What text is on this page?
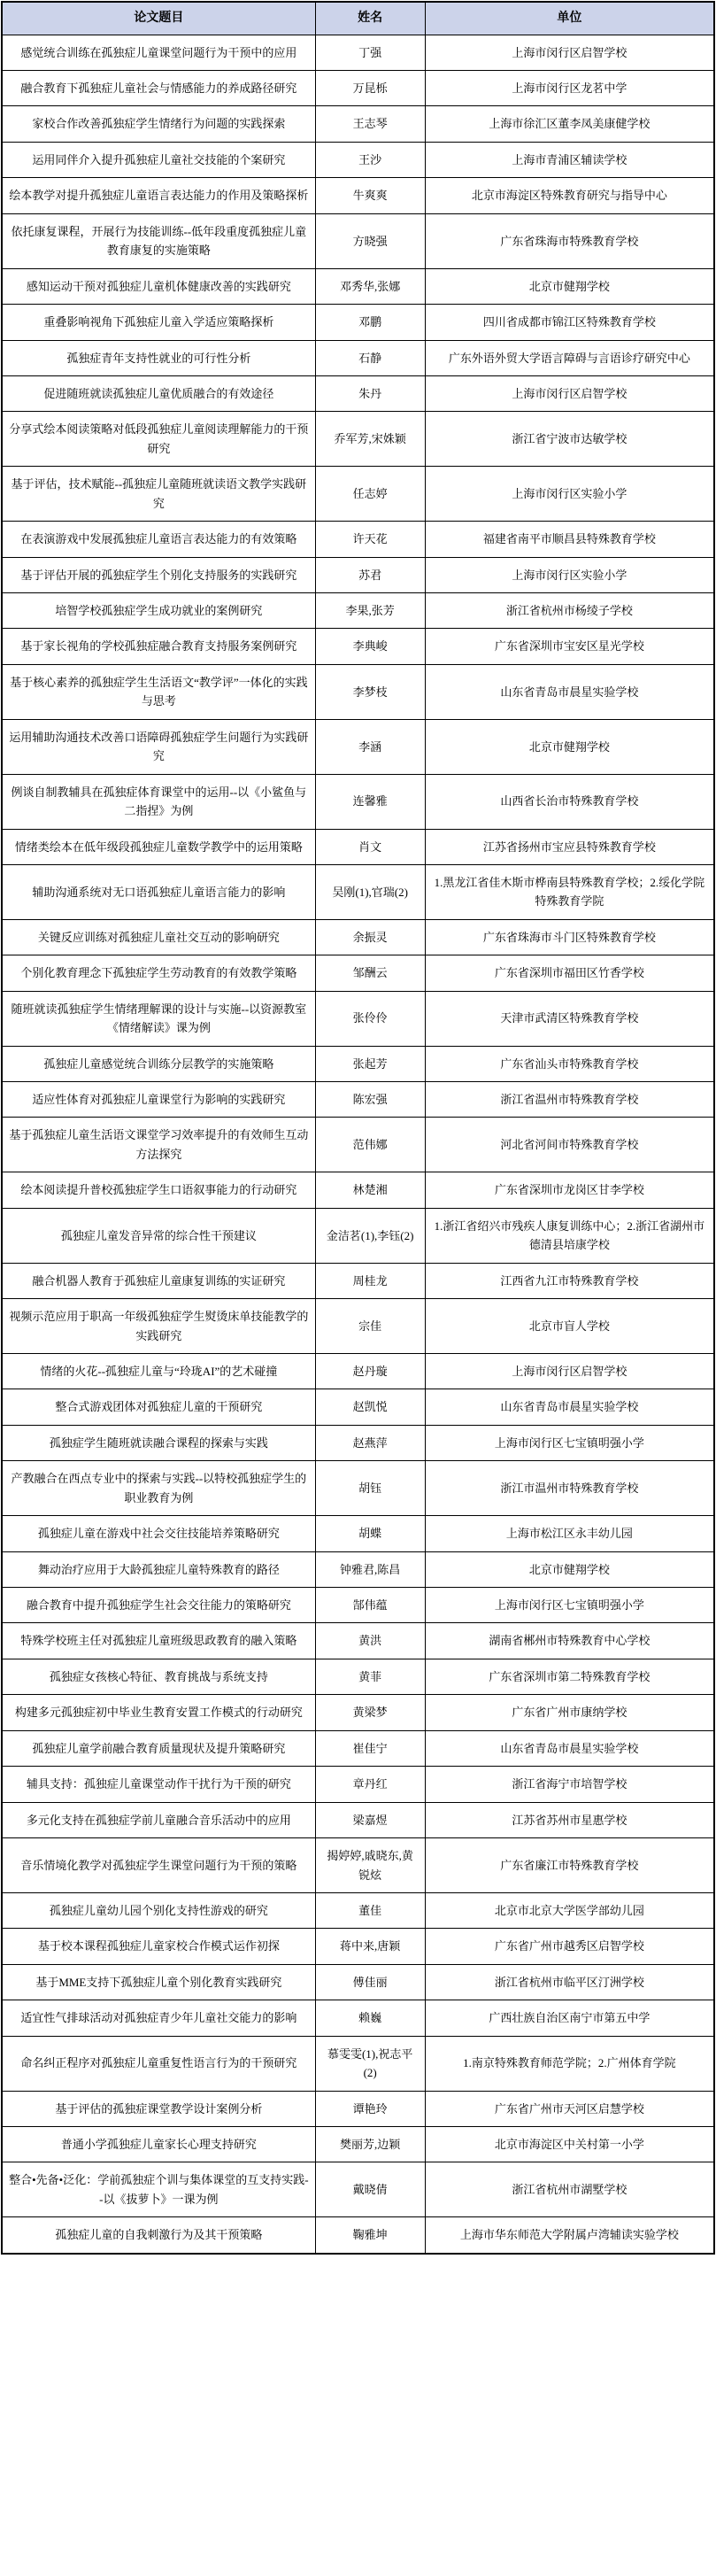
论文题目	姓名	单位
感觉统合训练在孤独症儿童课堂问题行为干预中的应用	丁强	上海市闵行区启智学校
融合教育下孤独症儿童社会与情感能力的养成路径研究	万昆栎	上海市闵行区龙茗中学
家校合作改善孤独症学生情绪行为问题的实践探索	王志琴	上海市徐汇区董李凤美康健学校
运用同伴介入提升孤独症儿童社交技能的个案研究	王沙	上海市青浦区辅读学校
绘本教学对提升孤独症儿童语言表达能力的作用及策略探析	牛爽爽	北京市海淀区特殊教育研究与指导中心
依托康复课程，开展行为技能训练--低年段重度孤独症儿童教育康复的实施策略	方晓强	广东省珠海市特殊教育学校
感知运动干预对孤独症儿童机体健康改善的实践研究	邓秀华,张娜	北京市健翔学校
重叠影响视角下孤独症儿童入学适应策略探析	邓鹏	四川省成都市锦江区特殊教育学校
孤独症青年支持性就业的可行性分析	石静	广东外语外贸大学语言障碍与言语诊疗研究中心
促进随班就读孤独症儿童优质融合的有效途径	朱丹	上海市闵行区启智学校
分享式绘本阅读策略对低段孤独症儿童阅读理解能力的干预研究	乔军芳,宋姝颖	浙江省宁波市达敏学校
基于评估，技术赋能--孤独症儿童随班就读语文教学实践研究	任志婷	上海市闵行区实验小学
在表演游戏中发展孤独症儿童语言表达能力的有效策略	许天花	福建省南平市顺昌县特殊教育学校
基于评估开展的孤独症学生个别化支持服务的实践研究	苏君	上海市闵行区实验小学
培智学校孤独症学生成功就业的案例研究	李果,张芳	浙江省杭州市杨绫子学校
基于家长视角的学校孤独症融合教育支持服务案例研究	李典峻	广东省深圳市宝安区星光学校
基于核心素养的孤独症学生生活语文“教学评”一体化的实践与思考	李梦枝	山东省青岛市晨星实验学校
运用辅助沟通技术改善口语障碍孤独症学生问题行为实践研究	李涵	北京市健翔学校
例谈自制教辅具在孤独症体育课堂中的运用--以《小鲨鱼与二指捏》为例	连馨雅	山西省长治市特殊教育学校
情绪类绘本在低年级段孤独症儿童数学教学中的运用策略	肖文	江苏省扬州市宝应县特殊教育学校
辅助沟通系统对无口语孤独症儿童语言能力的影响	吴刚(1),官瑞(2)	1.黑龙江省佳木斯市桦南县特殊教育学校；2.绥化学院特殊教育学院
关键反应训练对孤独症儿童社交互动的影响研究	余振灵	广东省珠海市斗门区特殊教育学校
个别化教育理念下孤独症学生劳动教育的有效教学策略	邹酬云	广东省深圳市福田区竹香学校
随班就读孤独症学生情绪理解课的设计与实施--以资源教室《情绪解读》课为例	张伶伶	天津市武清区特殊教育学校
孤独症儿童感觉统合训练分层教学的实施策略	张起芳	广东省汕头市特殊教育学校
适应性体育对孤独症儿童课堂行为影响的实践研究	陈宏强	浙江省温州市特殊教育学校
基于孤独症儿童生活语文课堂学习效率提升的有效师生互动方法探究	范伟娜	河北省河间市特殊教育学校
绘本阅读提升普校孤独症学生口语叙事能力的行动研究	林楚湘	广东省深圳市龙岗区甘李学校
孤独症儿童发音异常的综合性干预建议	金洁茗(1),李钰(2)	1.浙江省绍兴市残疾人康复训练中心；2.浙江省湖州市德清县培康学校
融合机器人教育于孤独症儿童康复训练的实证研究	周桂龙	江西省九江市特殊教育学校
视频示范应用于职高一年级孤独症学生熨烫床单技能教学的实践研究	宗佳	北京市盲人学校
情绪的火花--孤独症儿童与“玲珑AI”的艺术碰撞	赵丹璇	上海市闵行区启智学校
整合式游戏团体对孤独症儿童的干预研究	赵凯悦	山东省青岛市晨星实验学校
孤独症学生随班就读融合课程的探索与实践	赵燕萍	上海市闵行区七宝镇明强小学
产教融合在西点专业中的探索与实践--以特校孤独症学生的职业教育为例	胡钰	浙江市温州市特殊教育学校
孤独症儿童在游戏中社会交往技能培养策略研究	胡蝶	上海市松江区永丰幼儿园
舞动治疗应用于大龄孤独症儿童特殊教育的路径	钟雅君,陈昌	北京市健翔学校
融合教育中提升孤独症学生社会交往能力的策略研究	郜伟蕴	上海市闵行区七宝镇明强小学
特殊学校班主任对孤独症儿童班级思政教育的融入策略	黄洪	湖南省郴州市特殊教育中心学校
孤独症女孩核心特征、教育挑战与系统支持	黄菲	广东省深圳市第二特殊教育学校
构建多元孤独症初中毕业生教育安置工作模式的行动研究	黄梁梦	广东省广州市康纳学校
孤独症儿童学前融合教育质量现状及提升策略研究	崔佳宁	山东省青岛市晨星实验学校
辅具支持：孤独症儿童课堂动作干扰行为干预的研究	章丹红	浙江省海宁市培智学校
多元化支持在孤独症学前儿童融合音乐活动中的应用	梁嘉煜	江苏省苏州市星惠学校
音乐情境化教学对孤独症学生课堂问题行为干预的策略	揭婷婷,戚晓东,黄锐炫	广东省廉江市特殊教育学校
孤独症儿童幼儿园个别化支持性游戏的研究	董佳	北京市北京大学医学部幼儿园
基于校本课程孤独症儿童家校合作模式运作初探	蒋中来,唐颖	广东省广州市越秀区启智学校
基于MME支持下孤独症儿童个别化教育实践研究	傅佳丽	浙江省杭州市临平区汀洲学校
适宜性气排球活动对孤独症青少年儿童社交能力的影响	赖巍	广西壮族自治区南宁市第五中学
命名纠正程序对孤独症儿童重复性语言行为的干预研究	慕雯雯(1),祝志平(2)	1.南京特殊教育师范学院；2.广州体育学院
基于评估的孤独症课堂教学设计案例分析	谭艳玲	广东省广州市天河区启慧学校
普通小学孤独症儿童家长心理支持研究	樊丽芳,边颖	北京市海淀区中关村第一小学
整合•先备•泛化：学前孤独症个训与集体课堂的互支持实践--以《拔萝卜》一课为例	戴晓倩	浙江省杭州市湖墅学校
孤独症儿童的自我刺激行为及其干预策略	鞠雅坤	上海市华东师范大学附属卢湾辅读实验学校
